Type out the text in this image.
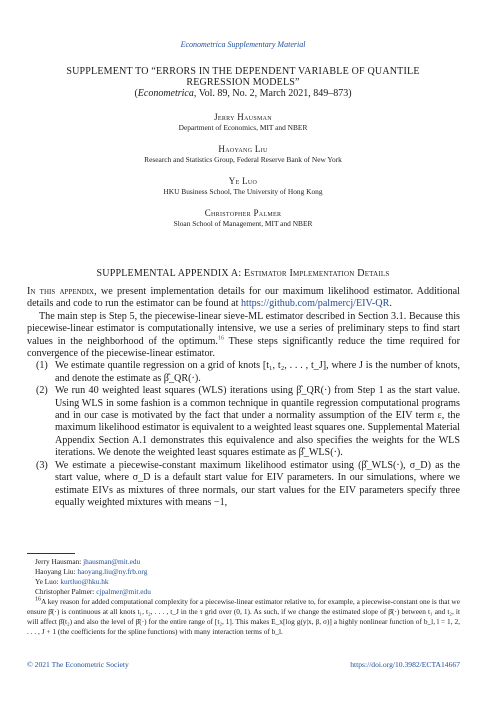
Econometrica Supplementary Material
SUPPLEMENT TO “ERRORS IN THE DEPENDENT VARIABLE OF QUANTILE
REGRESSION MODELS”
(Econometrica, Vol. 89, No. 2, March 2021, 849–873)
Jerry Hausman
Department of Economics, MIT and NBER
Haoyang Liu
Research and Statistics Group, Federal Reserve Bank of New York
Ye Luo
HKU Business School, The University of Hong Kong
Christopher Palmer
Sloan School of Management, MIT and NBER
SUPPLEMENTAL APPENDIX A: Estimator Implementation Details

In this appendix, we present implementation details for our maximum likelihood estimator. Additional details and code to run the estimator can be found at https://github.com/palmercj/EIV-QR.

The main step is Step 5, the piecewise-linear sieve-ML estimator described in Section 3.1. Because this piecewise-linear estimator is computationally intensive, we use a series of preliminary steps to find start values in the neighborhood of the optimum.$^{16}$ These steps significantly reduce the time required for convergence of the piecewise-linear estimator.

(1) We estimate quantile regression on a grid of knots [t₁, t₂, . . . , t_J], where J is the number of knots, and denote the estimate as β̂_QR(·).
(2) We run 40 weighted least squares (WLS) iterations using β̂_QR(·) from Step 1 as the start value. Using WLS in some fashion is a common technique in quantile regression computational programs and in our case is motivated by the fact that under a normality assumption of the EIV term ε, the maximum likelihood estimator is equivalent to a weighted least squares one. Supplemental Material Appendix Section A.1 demonstrates this equivalence and also specifies the weights for the WLS iterations. We denote the weighted least squares estimate as β̂_WLS(·).
(3) We estimate a piecewise-constant maximum likelihood estimator using (β̂_WLS(·), σ_D) as the start value, where σ_D is a default start value for EIV parameters. In our simulations, where we estimate EIVs as mixtures of three normals, our start values for the EIV parameters specify three equally weighted mixtures with means −1,
Jerry Hausman: jhausman@mit.edu
Haoyang Liu: haoyang.liu@ny.frb.org
Ye Luo: kurtluo@hku.hk
Christopher Palmer: cjpalmer@mit.edu

$^{16}$A key reason for added computational complexity for a piecewise-linear estimator relative to, for example, a piecewise-constant one is that we ensure β̂(·) is continuous at all knots t₁, t₂, . . . , t_J in the τ grid over (0, 1). As such, if we change the estimated slope of β̂(·) between t₁ and t₂, it will affect β̂(t₂) and also the level of β̂(·) for the entire range of [t₂, 1]. This makes E_x[log g(y|x, β, σ)] a highly nonlinear function of b_l, l = 1, 2, . . . , J + 1 (the coefficients for the spline functions) with many interaction terms of b_l.

© 2021 The Econometric Society	https://doi.org/10.3982/ECTA14667
